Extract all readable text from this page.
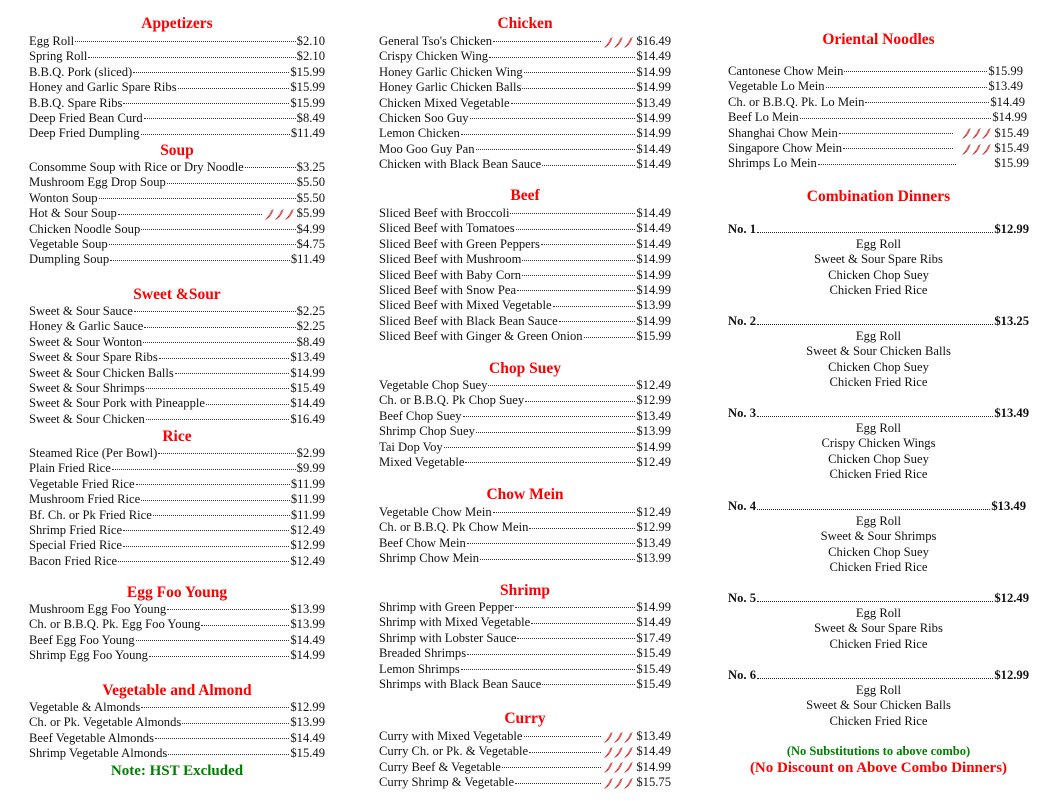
Appetizers
Egg Roll	$2.10
Spring Roll	$2.10
B.B.Q. Pork (sliced)	$15.99
Honey and Garlic Spare Ribs	$15.99
B.B.Q. Spare Ribs	$15.99
Deep Fried Bean Curd	$8.49
Deep Fried Dumpling	$11.49
Soup
Consomme Soup with Rice or Dry Noodle	$3.25
Mushroom Egg Drop Soup	$5.50
Wonton Soup	$5.50
Hot & Sour Soup	$5.99
Chicken Noodle Soup	$4.99
Vegetable Soup	$4.75
Dumpling Soup	$11.49
Sweet &Sour
Sweet & Sour Sauce	$2.25
Honey & Garlic Sauce	$2.25
Sweet & Sour Wonton	$8.49
Sweet & Sour Spare Ribs	$13.49
Sweet & Sour Chicken Balls	$14.99
Sweet & Sour Shrimps	$15.49
Sweet & Sour Pork with Pineapple	$14.49
Sweet & Sour Chicken	$16.49
Rice
Steamed Rice (Per Bowl)	$2.99
Plain Fried Rice	$9.99
Vegetable Fried Rice	$11.99
Mushroom Fried Rice	$11.99
Bf. Ch. or Pk Fried Rice	$11.99
Shrimp Fried Rice	$12.49
Special Fried Rice	$12.99
Bacon Fried Rice	$12.49
Egg Foo Young
Mushroom Egg Foo Young	$13.99
Ch. or B.B.Q. Pk. Egg Foo Young	$13.99
Beef Egg Foo Young	$14.49
Shrimp Egg Foo Young	$14.99
Vegetable and Almond
Vegetable & Almonds	$12.99
Ch. or Pk. Vegetable Almonds	$13.99
Beef Vegetable Almonds	$14.49
Shrimp Vegetable Almonds	$15.49
Note: HST Excluded
Chicken
General Tso's Chicken	$16.49
Crispy Chicken Wing	$14.49
Honey Garlic Chicken Wing	$14.99
Honey Garlic Chicken Balls	$14.99
Chicken Mixed Vegetable	$13.49
Chicken Soo Guy	$14.99
Lemon Chicken	$14.99
Moo Goo Guy Pan	$14.49
Chicken with Black Bean Sauce	$14.49
Beef
Sliced Beef with Broccoli	$14.49
Sliced Beef with Tomatoes	$14.49
Sliced Beef with Green Peppers	$14.49
Sliced Beef with Mushroom	$14.99
Sliced Beef with Baby Corn	$14.99
Sliced Beef with Snow Pea	$14.99
Sliced Beef with Mixed Vegetable	$13.99
Sliced Beef with Black Bean Sauce	$14.99
Sliced Beef with Ginger & Green Onion	$15.99
Chop Suey
Vegetable Chop Suey	$12.49
Ch. or B.B.Q. Pk Chop Suey	$12.99
Beef Chop Suey	$13.49
Shrimp Chop Suey	$13.99
Tai Dop Voy	$14.99
Mixed Vegetable	$12.49
Chow Mein
Vegetable Chow Mein	$12.49
Ch. or B.B.Q. Pk Chow Mein	$12.99
Beef Chow Mein	$13.49
Shrimp Chow Mein	$13.99
Shrimp
Shrimp with Green Pepper	$14.99
Shrimp with Mixed Vegetable	$14.49
Shrimp with Lobster Sauce	$17.49
Breaded Shrimps	$15.49
Lemon Shrimps	$15.49
Shrimps with Black Bean Sauce	$15.49
Curry
Curry with Mixed Vegetable	$13.49
Curry Ch. or Pk. & Vegetable	$14.49
Curry Beef & Vegetable	$14.99
Curry Shrimp & Vegetable	$15.75
Oriental Noodles
Cantonese Chow Mein	$15.99
Vegetable Lo Mein	$13.49
Ch. or B.B.Q. Pk. Lo Mein	$14.49
Beef Lo Mein	$14.99
Shanghai Chow Mein	$15.49
Singapore Chow Mein	$15.49
Shrimps Lo Mein	$15.99
Combination Dinners
No. 1	$12.99
Egg Roll
Sweet & Sour Spare Ribs
Chicken Chop Suey
Chicken Fried Rice
No. 2	$13.25
Egg Roll
Sweet & Sour Chicken Balls
Chicken Chop Suey
Chicken Fried Rice
No. 3	$13.49
Egg Roll
Crispy Chicken Wings
Chicken Chop Suey
Chicken Fried Rice
No. 4	$13.49
Egg Roll
Sweet & Sour Shrimps
Chicken Chop Suey
Chicken Fried Rice
No. 5	$12.49
Egg Roll
Sweet & Sour Spare Ribs
Chicken Fried Rice
No. 6	$12.99
Egg Roll
Sweet & Sour Chicken Balls
Chicken Fried Rice
(No Substitutions to above combo)
(No Discount on Above Combo Dinners)
